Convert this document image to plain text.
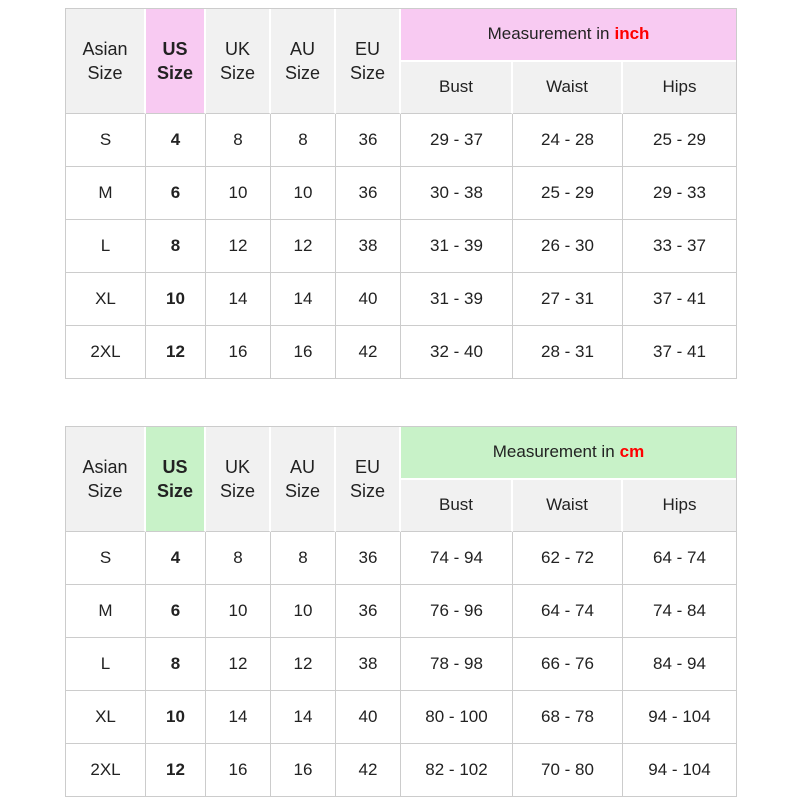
Asian Size	US Size	UK Size	AU Size	EU Size	Measurement in inch		
					Bust	Waist	Hips
S	4	8	8	36	29 - 37	24 - 28	25 - 29
M	6	10	10	36	30 - 38	25 - 29	29 - 33
L	8	12	12	38	31 - 39	26 - 30	33 - 37
XL	10	14	14	40	31 - 39	27 - 31	37 - 41
2XL	12	16	16	42	32 - 40	28 - 31	37 - 41
Asian Size	US Size	UK Size	AU Size	EU Size	Measurement in cm		
					Bust	Waist	Hips
S	4	8	8	36	74 - 94	62 - 72	64 - 74
M	6	10	10	36	76 - 96	64 - 74	74 - 84
L	8	12	12	38	78 - 98	66 - 76	84 - 94
XL	10	14	14	40	80 - 100	68 - 78	94 - 104
2XL	12	16	16	42	82 - 102	70 - 80	94 - 104
